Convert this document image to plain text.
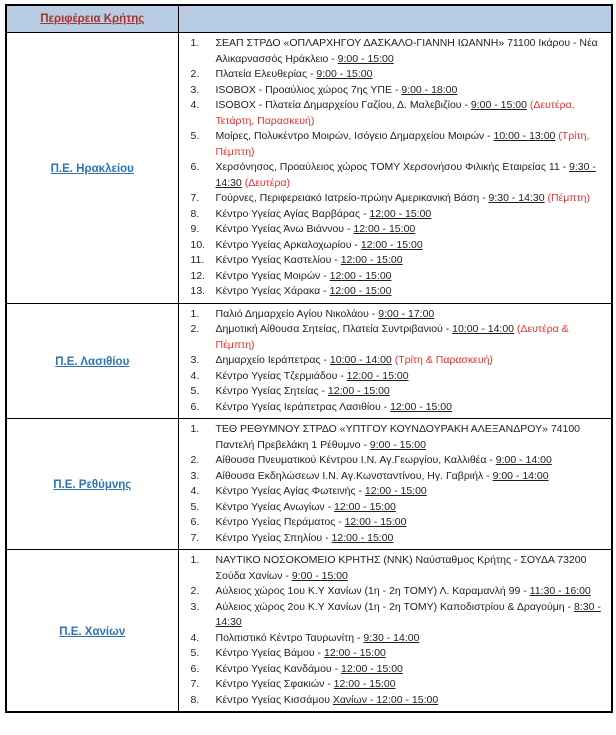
Περιφέρεια Κρήτης	
Π.Ε. Ηρακλείου	
1. ΣΕΑΠ ΣΤΡΔΟ «ΟΠΛΑΡΧΗΓΟΥ ΔΑΣΚΑΛΟ-ΓΙΑΝΝΗ ΙΩΑΝΝΗ» 71100 Ικάρου - Νέα Αλικαρνασσός Ηράκλειο - 9:00 - 15:00
2. Πλατεία Ελευθερίας - 9:00 - 15:00
3. ISOBOX - Προαύλιος χώρος 7ης ΥΠΕ - 9:00 - 18:00
4. ISOBOX - Πλατεία Δημαρχείου Γαζίου, Δ. Μαλεβιζίου - 9:00 - 15:00 (Δευτέρα, Τετάρτη, Παρασκευή)
5. Μοίρες, Πολυκέντρο Μοιρών, Ισόγειο Δημαρχείου Μοιρών - 10:00 - 13:00 (Τρίτη, Πέμπτη)
6. Χερσόνησος, Προαύλειος χώρος ΤΟΜΥ Χερσονήσου Φιλικής Εταιρείας 11 - 9:30 - 14:30 (Δευτέρα)
7. Γούρνες, Περιφερειακό Ιατρείο-πρώην Αμερικανική Βάση - 9:30 - 14:30 (Πέμπτη)
8. Κέντρο Υγείας Αγίας Βαρβάρας - 12:00 - 15:00
9. Κέντρο Υγείας Άνω Βιάννου - 12:00 - 15:00
10. Κέντρο Υγείας Αρκαλοχωρίου - 12:00 - 15:00
11. Κέντρο Υγείας Καστελίου - 12:00 - 15:00
12. Κέντρο Υγείας Μοιρών - 12:00 - 15:00
13. Κέντρο Υγείας Χάρακα - 12:00 - 15:00

Π.Ε. Λασιθίου	
1. Παλιό Δημαρχείο Αγίου Νικολάου - 9:00 - 17:00
2. Δημοτική Αίθουσα Σητείας, Πλατεία Συντριβανιού - 10:00 - 14:00 (Δευτέρα & Πέμπτη)
3. Δημαρχείο Ιεράπετρας - 10:00 - 14:00 (Τρίτη & Παρασκευή)
4. Κέντρο Υγείας Τζερμιάδου - 12:00 - 15:00
5. Κέντρο Υγείας Σητείας - 12:00 - 15:00
6. Κέντρο Υγείας Ιεράπετρας Λασιθίου - 12:00 - 15:00

Π.Ε. Ρεθύμνης	
1. ΤΕΘ ΡΕΘΥΜΝΟΥ ΣΤΡΔΟ «ΥΠΤΓΟΥ ΚΟΥΝΔΟΥΡΑΚΗ ΑΛΕΞΑΝΔΡΟΥ» 74100 Παντελή Πρεβελάκη 1 Ρέθυμνο - 9:00 - 15:00
2. Αίθουσα Πνευματικού Κέντρου Ι.Ν. Αγ.Γεωργίου, Καλλιθέα - 9:00 - 14:00
3. Αίθουσα Εκδηλώσεων Ι.Ν. Αγ.Κωνσταντίνου, Ηγ. Γαβριήλ - 9:00 - 14:00
4. Κέντρο Υγείας Αγίας Φωτεινής - 12:00 - 15:00
5. Κέντρο Υγείας Ανωγίων - 12:00 - 15:00
6. Κέντρο Υγείας Περάματος - 12:00 - 15:00
7. Κέντρο Υγείας Σπηλίου - 12:00 - 15:00

Π.Ε. Χανίων	
1. ΝΑΥΤΙΚΟ ΝΟΣΟΚΟΜΕΙΟ ΚΡΗΤΗΣ (ΝΝΚ) Ναύσταθμος Κρήτης - ΣΟΥΔΑ 73200 Σούδα Χανίων - 9:00 - 15:00
2. Αύλειος χώρος 1ου Κ.Υ Χανίων (1η - 2η ΤΟΜΥ) Λ. Καραμανλή 99 - 11:30 - 16:00
3. Αύλειος χώρος 2ου Κ.Υ Χανίων (1η - 2η ΤΟΜΥ) Καποδιστρίου & Δραγούμη - 8:30 - 14:30
4. Πολιτιστικό Κέντρο Ταυρωνίτη - 9:30 - 14:00
5. Κέντρο Υγείας Βάμου - 12:00 - 15:00
6. Κέντρο Υγείας Κανδάμου - 12:00 - 15:00
7. Κέντρο Υγείας Σφακιών - 12:00 - 15:00
8. Κέντρο Υγείας Κισσάμου Χανίων - 12:00 - 15:00
